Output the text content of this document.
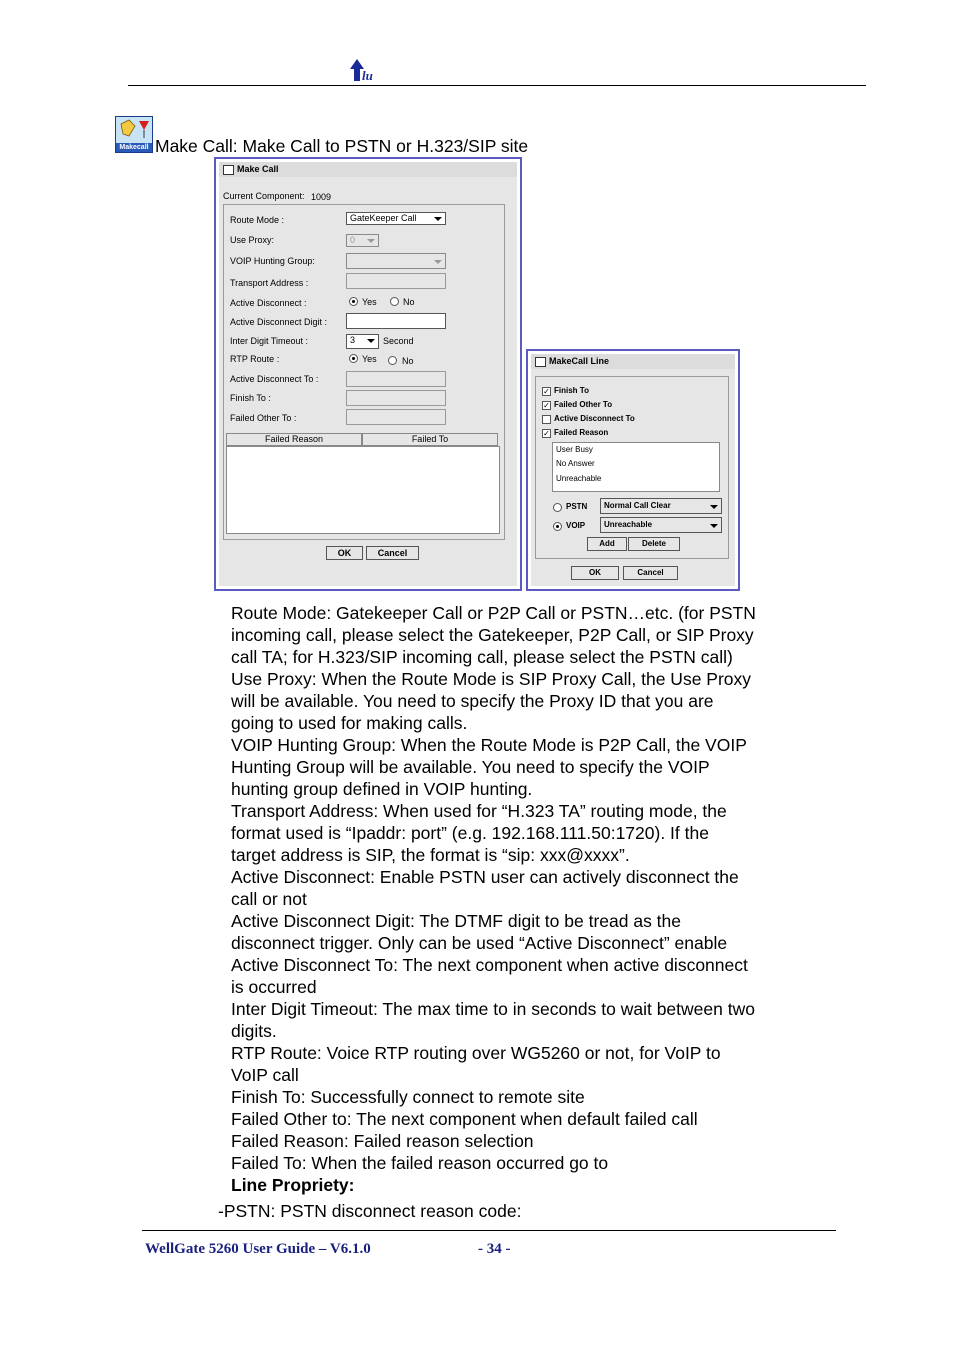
lu
Makecall Make Call: Make Call to PSTN or H.323/SIP site
Make Call
Current Component: 1009
Route Mode :	GateKeeper Call
Use Proxy:	0
VOIP Hunting Group:
Transport Address :
Active Disconnect :	Yes	No
Active Disconnect Digit :
Inter Digit Timeout :	3	Second
RTP Route :	Yes	No
Active Disconnect To :
Finish To :
Failed Other To :
Failed Reason	Failed To
OK	Cancel
MakeCall Line
✓ Finish To
✓ Failed Other To
Active Disconnect To
✓ Failed Reason
User Busy
No Answer
Unreachable
PSTN	Normal Call Clear
VOIP	Unreachable
Add	Delete
OK	Cancel
Route Mode: Gatekeeper Call or P2P Call or PSTN…etc. (for PSTN
incoming call, please select the Gatekeeper, P2P Call, or SIP Proxy
call TA; for H.323/SIP incoming call, please select the PSTN call)
Use Proxy: When the Route Mode is SIP Proxy Call, the Use Proxy
will be available. You need to specify the Proxy ID that you are
going to used for making calls.
VOIP Hunting Group: When the Route Mode is P2P Call, the VOIP
Hunting Group will be available. You need to specify the VOIP
hunting group defined in VOIP hunting.
Transport Address: When used for “H.323 TA” routing mode, the
format used is “Ipaddr: port” (e.g. 192.168.111.50:1720). If the
target address is SIP, the format is “sip: xxx@xxxx”.
Active Disconnect: Enable PSTN user can actively disconnect the
call or not
Active Disconnect Digit: The DTMF digit to be tread as the
disconnect trigger. Only can be used “Active Disconnect” enable
Active Disconnect To: The next component when active disconnect
is occurred
Inter Digit Timeout: The max time to in seconds to wait between two
digits.
RTP Route: Voice RTP routing over WG5260 or not, for VoIP to
VoIP call
Finish To: Successfully connect to remote site
Failed Other to: The next component when default failed call
Failed Reason: Failed reason selection
Failed To: When the failed reason occurred go to
Line Propriety:
-PSTN: PSTN disconnect reason code:
WellGate 5260 User Guide – V6.1.0	- 34 -
